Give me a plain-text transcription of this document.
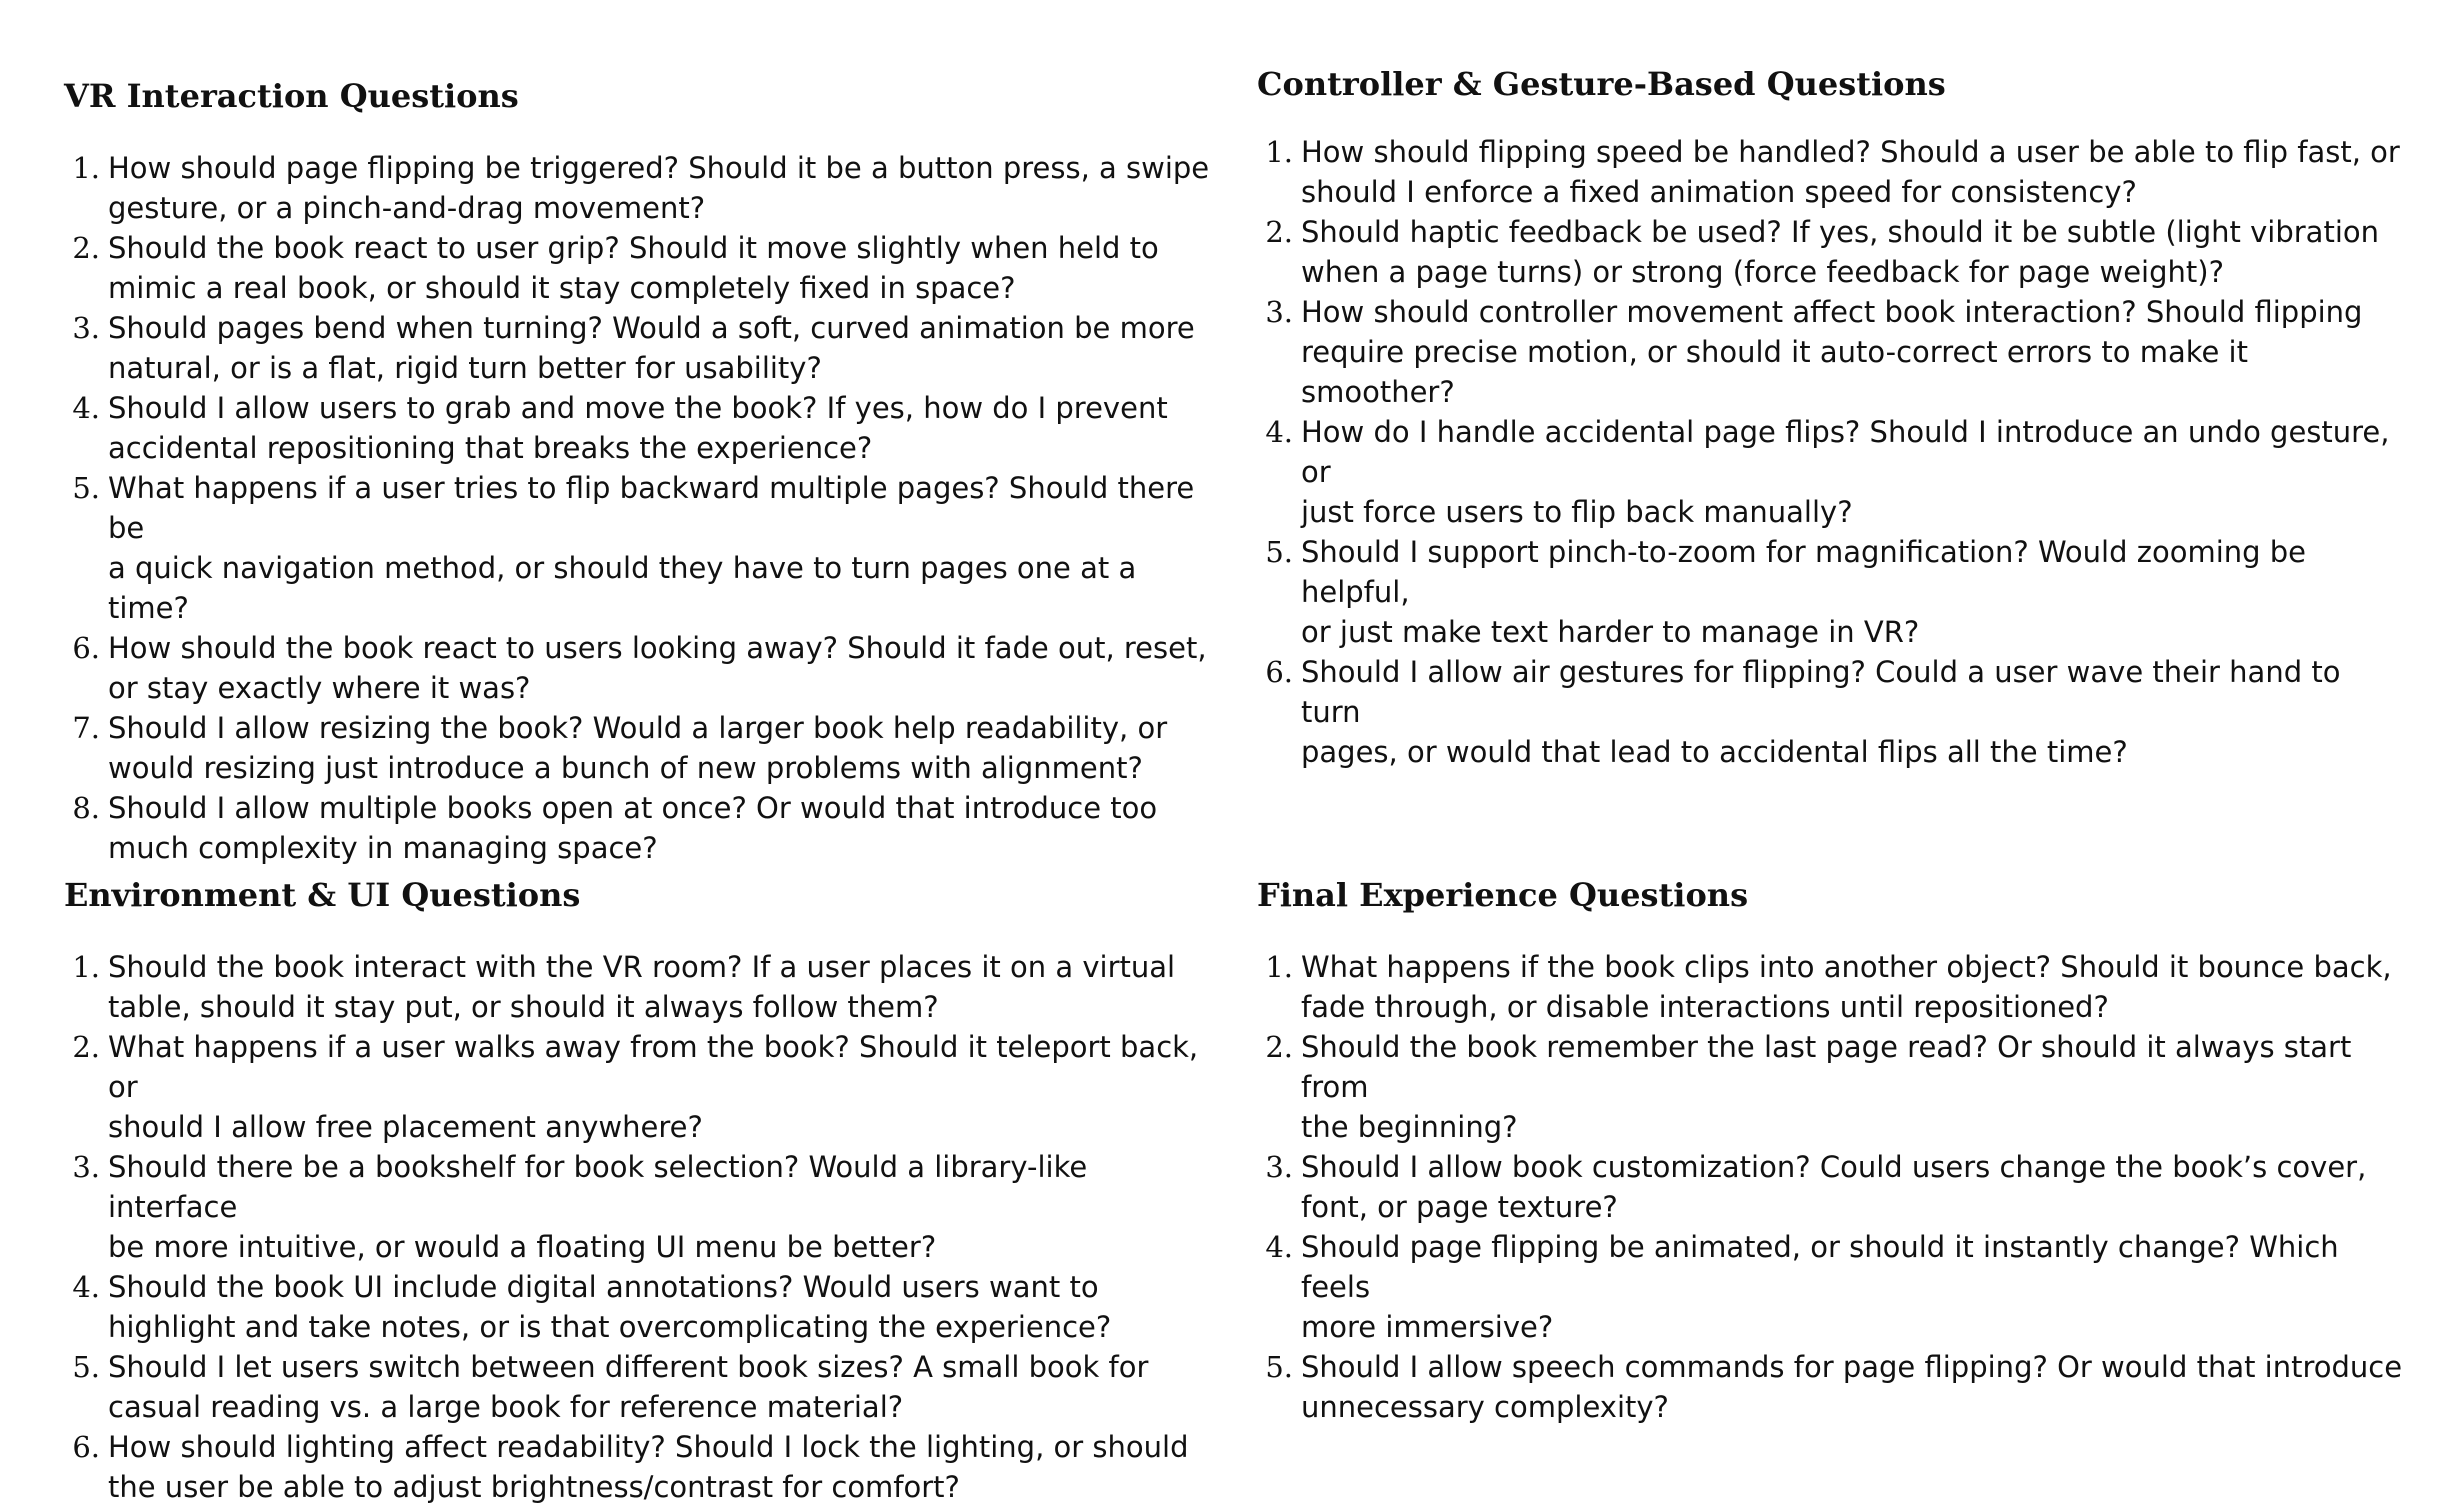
VR Interaction Questions
1. How should page flipping be triggered? Should it be a button press, a swipe
gesture, or a pinch-and-drag movement?
2. Should the book react to user grip? Should it move slightly when held to
mimic a real book, or should it stay completely fixed in space?
3. Should pages bend when turning? Would a soft, curved animation be more
natural, or is a flat, rigid turn better for usability?
4. Should I allow users to grab and move the book? If yes, how do I prevent
accidental repositioning that breaks the experience?
5. What happens if a user tries to flip backward multiple pages? Should there be
a quick navigation method, or should they have to turn pages one at a time?
6. How should the book react to users looking away? Should it fade out, reset,
or stay exactly where it was?
7. Should I allow resizing the book? Would a larger book help readability, or
would resizing just introduce a bunch of new problems with alignment?
8. Should I allow multiple books open at once? Or would that introduce too
much complexity in managing space?
Controller & Gesture-Based Questions
1. How should flipping speed be handled? Should a user be able to flip fast, or
should I enforce a fixed animation speed for consistency?
2. Should haptic feedback be used? If yes, should it be subtle (light vibration
when a page turns) or strong (force feedback for page weight)?
3. How should controller movement affect book interaction? Should flipping
require precise motion, or should it auto-correct errors to make it smoother?
4. How do I handle accidental page flips? Should I introduce an undo gesture, or
just force users to flip back manually?
5. Should I support pinch-to-zoom for magnification? Would zooming be helpful,
or just make text harder to manage in VR?
6. Should I allow air gestures for flipping? Could a user wave their hand to turn
pages, or would that lead to accidental flips all the time?
Environment & UI Questions
1. Should the book interact with the VR room? If a user places it on a virtual
table, should it stay put, or should it always follow them?
2. What happens if a user walks away from the book? Should it teleport back, or
should I allow free placement anywhere?
3. Should there be a bookshelf for book selection? Would a library-like interface
be more intuitive, or would a floating UI menu be better?
4. Should the book UI include digital annotations? Would users want to
highlight and take notes, or is that overcomplicating the experience?
5. Should I let users switch between different book sizes? A small book for
casual reading vs. a large book for reference material?
6. How should lighting affect readability? Should I lock the lighting, or should
the user be able to adjust brightness/contrast for comfort?
Final Experience Questions
1. What happens if the book clips into another object? Should it bounce back,
fade through, or disable interactions until repositioned?
2. Should the book remember the last page read? Or should it always start from
the beginning?
3. Should I allow book customization? Could users change the book’s cover,
font, or page texture?
4. Should page flipping be animated, or should it instantly change? Which feels
more immersive?
5. Should I allow speech commands for page flipping? Or would that introduce
unnecessary complexity?
